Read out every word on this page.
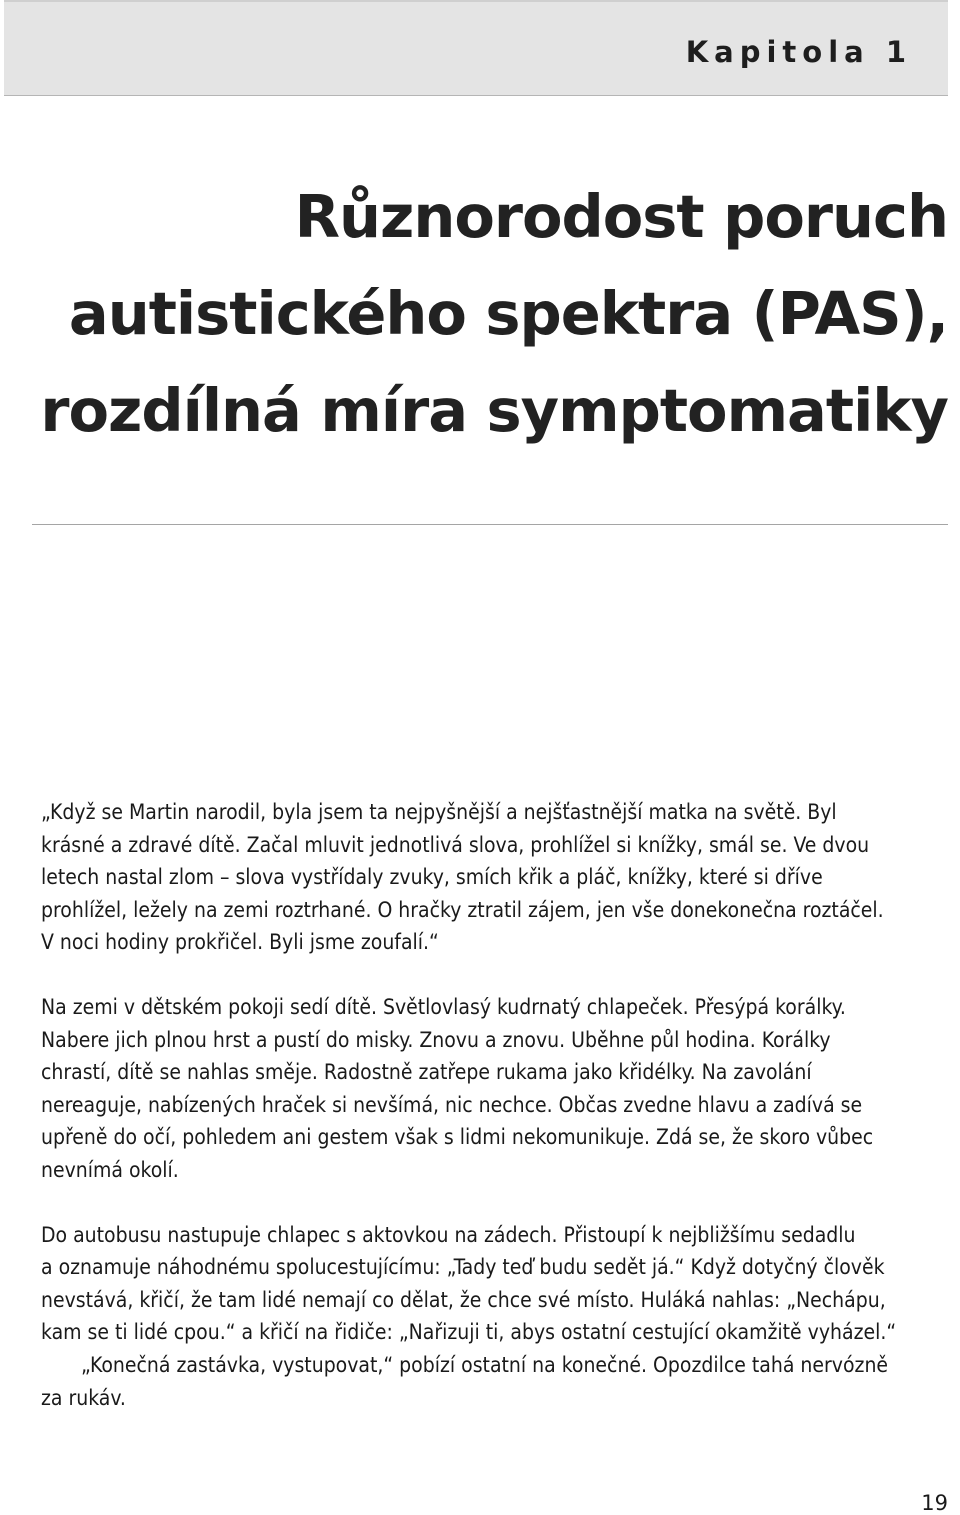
Kapitola 1
Různorodost poruch
autistického spektra (PAS),
rozdílná míra symptomatiky

„Když se Martin narodil, byla jsem ta nejpyšnější a nejšťastnější matka na světě. Byl
krásné a zdravé dítě. Začal mluvit jednotlivá slova, prohlížel si knížky, smál se. Ve dvou
letech nastal zlom – slova vystřídaly zvuky, smích křik a pláč, knížky, které si dříve
prohlížel, ležely na zemi roztrhané. O hračky ztratil zájem, jen vše donekonečna roztáčel.
V noci hodiny prokřičel. Byli jsme zoufalí.“

Na zemi v dětském pokoji sedí dítě. Světlovlasý kudrnatý chlapeček. Přesýpá korálky.
Nabere jich plnou hrst a pustí do misky. Znovu a znovu. Uběhne půl hodina. Korálky
chrastí, dítě se nahlas směje. Radostně zatřepe rukama jako křidélky. Na zavolání
nereaguje, nabízených hraček si nevšímá, nic nechce. Občas zvedne hlavu a zadívá se
upřeně do očí, pohledem ani gestem však s lidmi nekomunikuje. Zdá se, že skoro vůbec
nevnímá okolí.

Do autobusu nastupuje chlapec s aktovkou na zádech. Přistoupí k nejbližšímu sedadlu
a oznamuje náhodnému spolucestujícímu: „Tady teď budu sedět já.“ Když dotyčný člověk
nevstává, křičí, že tam lidé nemají co dělat, že chce své místo. Huláká nahlas: „Nechápu,
kam se ti lidé cpou.“ a křičí na řidiče: „Nařizuji ti, abys ostatní cestující okamžitě vyházel.“

„Konečná zastávka, vystupovat,“ pobízí ostatní na konečné. Opozdilce tahá nervózně
za rukáv.

19
